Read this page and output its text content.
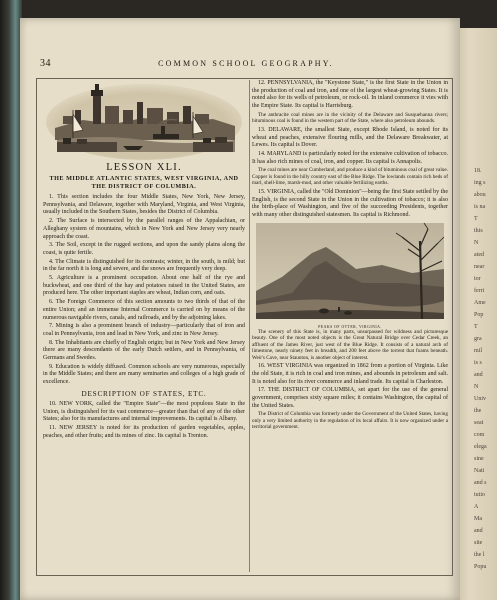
18.
ing s
abou
is na
T
this
N
ated
near
tor
ferri
Ame
Pop
T
gra
mil
is s
and
N
Univ
the
seat
com
elega
sine
Nati
and s
tutio
A
Ma
and
site
the l
Popu
34	COMMON SCHOOL GEOGRAPHY.
LESSON XLI.
THE MIDDLE ATLANTIC STATES, WEST VIRGINIA, AND THE DISTRICT OF COLUMBIA.

1. This section includes the four Middle States, New York, New Jersey, Pennsylvania, and Delaware, together with Maryland, Virginia, and West Virginia, usually included in the Southern States, besides the District of Columbia.

2. The Surface is intersected by the parallel ranges of the Appalachian, or Alleghany system of mountains, which in New York and New Jersey very nearly approach the coast.

3. The Soil, except in the rugged sections, and upon the sandy plains along the coast, is quite fertile.

4. The Climate is distinguished for its contrasts; winter, in the south, is mild; but in the far north it is long and severe, and the snows are frequently very deep.

5. Agriculture is a prominent occupation. About one half of the rye and buckwheat, and one third of the hay and potatoes raised in the United States, are produced here. The other important staples are wheat, Indian corn, and oats.

6. The Foreign Commerce of this section amounts to two thirds of that of the entire Union; and an immense Internal Commerce is carried on by means of the numerous navigable rivers, canals, and railroads, and by the adjoining lakes.

7. Mining is also a prominent branch of industry—particularly that of iron and coal in Pennsylvania, iron and lead in New York, and zinc in New Jersey.

8. The Inhabitants are chiefly of English origin; but in New York and New Jersey there are many descendants of the early Dutch settlers, and in Pennsylvania, of Germans and Swedes.

9. Education is widely diffused. Common schools are very numerous, especially in the Middle States; and there are many seminaries and colleges of a high grade of excellence.

DESCRIPTION OF STATES, ETC.

10. NEW YORK, called the "Empire State"—the most populous State in the Union, is distinguished for its vast commerce—greater than that of any of the other States; also for its manufactures and internal improvements. Its capital is Albany.

11. NEW JERSEY is noted for its production of garden vegetables, apples, peaches, and other fruits; and its mines of zinc. Its capital is Trenton.

12. PENNSYLVANIA, the "Keystone State," is the first State in the Union in the production of coal and iron, and one of the largest wheat-growing States. It is noted also for its wells of petroleum, or rock-oil. In inland commerce it vies with the Empire State. Its capital is Harrisburg.

The anthracite coal mines are in the vicinity of the Delaware and Susquehanna rivers; bituminous coal is found in the western part of the State, where also petroleum abounds.

13. DELAWARE, the smallest State, except Rhode Island, is noted for its wheat and peaches, extensive flouring mills, and the Delaware Breakwater, at Lewes. Its capital is Dover.

14. MARYLAND is particularly noted for the extensive cultivation of tobacco. It has also rich mines of coal, iron, and copper. Its capital is Annapolis.

The coal mines are near Cumberland, and produce a kind of bituminous coal of great value. Copper is found in the hilly country east of the Blue Ridge. The lowlands contain rich beds of marl, shell-lime, marsh-mud, and other valuable fertilizing earths.

15. VIRGINIA, called the "Old Dominion"—being the first State settled by the English, is the second State in the Union in the cultivation of tobacco; it is also the birth-place of Washington, and five of the succeeding Presidents, together with many other distinguished statesmen. Its capital is Richmond.

PEAKS OF OTTER, VIRGINIA.

The scenery of this State is, in many parts, unsurpassed for wildness and picturesque beauty. One of the most noted objects is the Great Natural Bridge over Cedar Creek, an affluent of the James River, just west of the Blue Ridge. It consists of a natural arch of limestone, nearly ninety feet in breadth, and 200 feet above the torrent that foams beneath. Weir's Cave, near Staunton, is another object of interest.

16. WEST VIRGINIA was organized in 1862 from a portion of Virginia. Like the old State, it is rich in coal and iron mines, and abounds in petroleum and salt. It is noted also for its river commerce and inland trade. Its capital is Charleston.

17. THE DISTRICT OF COLUMBIA, set apart for the use of the general government, comprises sixty square miles; it contains Washington, the capital of the United States.

The District of Columbia was formerly under the Government of the United States, having only a very limited authority in the regulation of its local affairs. It is now organized under a territorial government.
